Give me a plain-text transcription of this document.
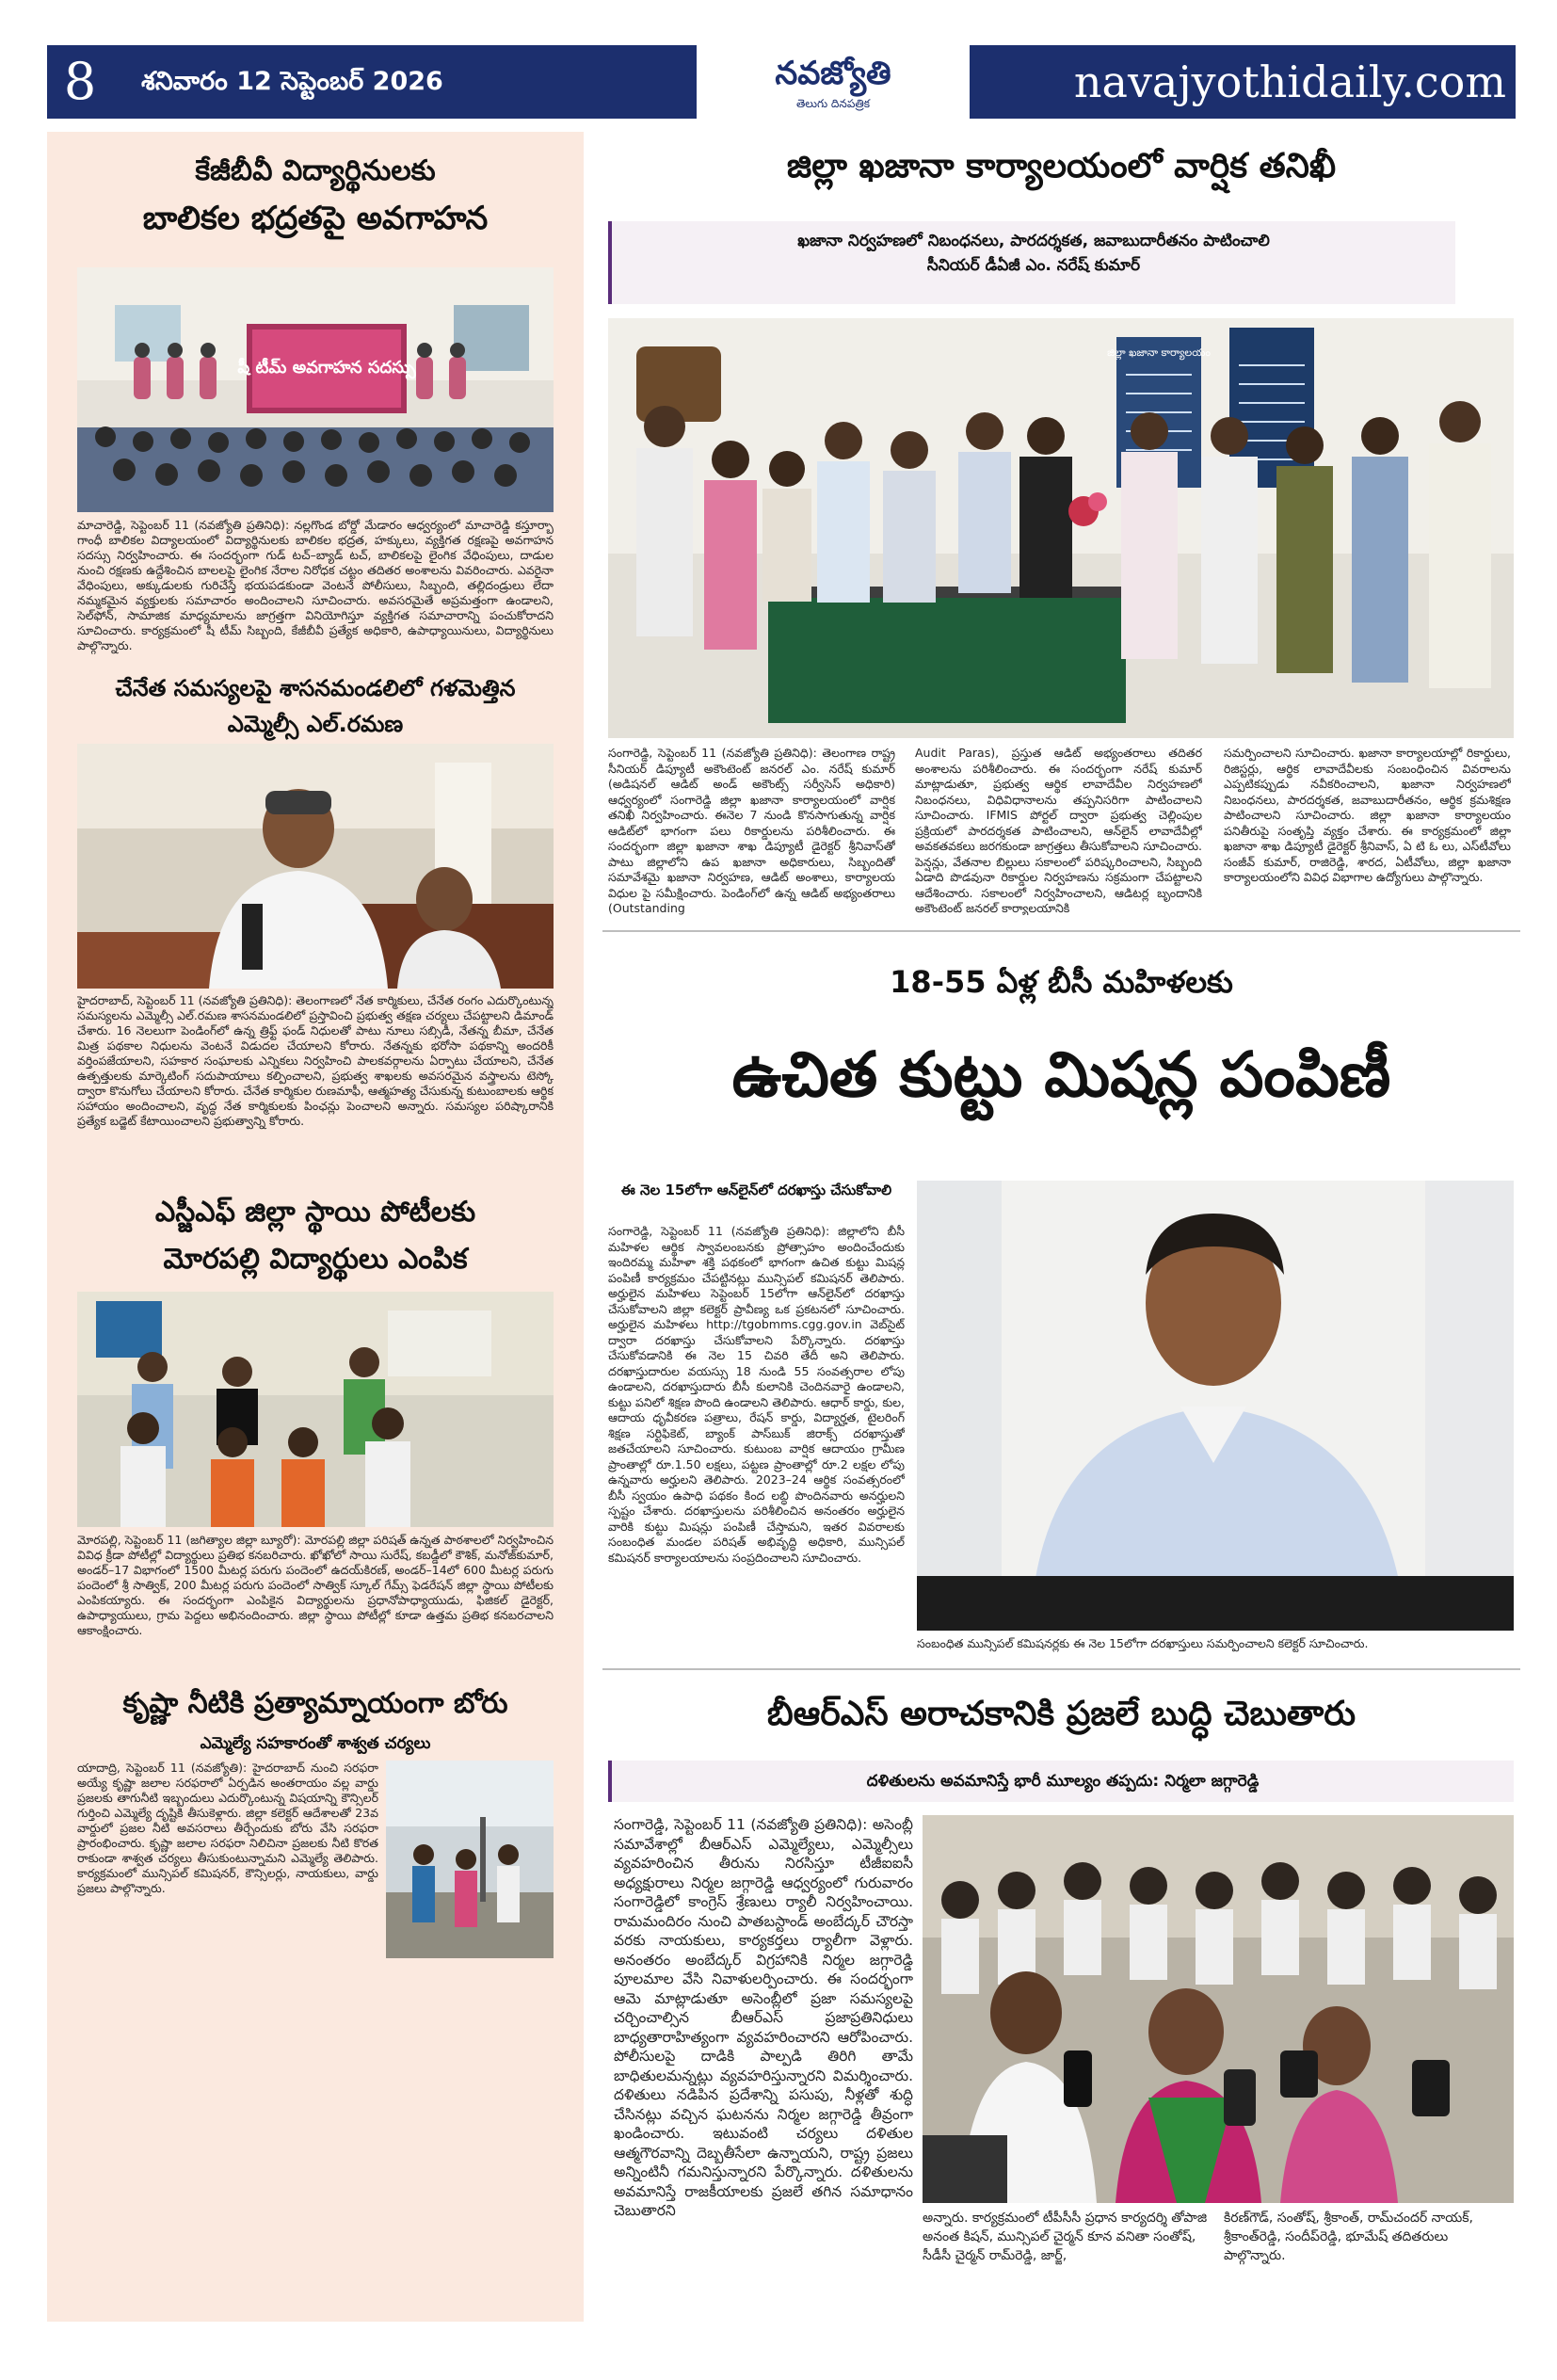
8	శనివారం 12 సెప్టెంబర్ 2026	నవజ్యోతి
తెలుగు దినపత్రిక	navajyothidaily.com
కేజీబీవీ విద్యార్థినులకు
బాలికల భద్రతపై అవగాహన
షీ టీమ్ అవగాహన సదస్సు
మాచారెడ్డి, సెప్టెంబర్ 11 (నవజ్యోతి ప్రతినిధి): నల్లగొండ బోర్డో మేడారం ఆధ్వర్యంలో మాచారెడ్డి కస్తూర్బా గాంధీ బాలికల విద్యాలయంలో విద్యార్థినులకు బాలికల భద్రత, హక్కులు, వ్యక్తిగత రక్షణపై అవగాహన సదస్సు నిర్వహించారు. ఈ సందర్భంగా గుడ్ టచ్–బ్యాడ్ టచ్, బాలికలపై లైంగిక వేధింపులు, దాడుల నుంచి రక్షణకు ఉద్దేశించిన బాలలపై లైంగిక నేరాల నిరోధక చట్టం తదితర అంశాలను వివరించారు. ఎవరైనా వేధింపులు, అక్కుడులకు గురిచేస్తే భయపడకుండా వెంటనే పోలీసులు, సిబ్బంది, తల్లిదండ్రులు లేదా నమ్మకమైన వ్యక్తులకు సమాచారం అందించాలని సూచించారు. అవసరమైతే అప్రమత్తంగా ఉండాలని, సెల్‌ఫోన్, సామాజిక మాధ్యమాలను జాగ్రత్తగా వినియోగిస్తూ వ్యక్తిగత సమాచారాన్ని పంచుకోరాదని సూచించారు. కార్యక్రమంలో షీ టీమ్ సిబ్బంది, కేజీబీవీ ప్రత్యేక అధికారి, ఉపాధ్యాయినులు, విద్యార్థినులు పాల్గొన్నారు.
చేనేత సమస్యలపై శాసనమండలిలో గళమెత్తిన
ఎమ్మెల్సీ ఎల్.రమణ
హైదరాబాద్, సెప్టెంబర్ 11 (నవజ్యోతి ప్రతినిధి): తెలంగాణలో నేత కార్మికులు, చేనేత రంగం ఎదుర్కొంటున్న సమస్యలను ఎమ్మెల్సీ ఎల్.రమణ శాసనమండలిలో ప్రస్తావించి ప్రభుత్వ తక్షణ చర్యలు చేపట్టాలని డిమాండ్ చేశారు. 16 నెలలుగా పెండింగ్‌లో ఉన్న త్రిఫ్ట్ ఫండ్ నిధులతో పాటు నూలు సబ్సిడీ, నేతన్న బీమా, చేనేత మిత్ర పథకాల నిధులను వెంటనే విడుదల చేయాలని కోరారు. నేతన్నకు భరోసా పథకాన్ని అందరికీ వర్తింపజేయాలని, సహకార సంఘాలకు ఎన్నికలు నిర్వహించి పాలకవర్గాలను ఏర్పాటు చేయాలని, చేనేత ఉత్పత్తులకు మార్కెటింగ్ సదుపాయాలు కల్పించాలని, ప్రభుత్వ శాఖలకు అవసరమైన వస్త్రాలను టెస్కో ద్వారా కొనుగోలు చేయాలని కోరారు. చేనేత కార్మికుల రుణమాఫీ, ఆత్మహత్య చేసుకున్న కుటుంబాలకు ఆర్థిక సహాయం అందించాలని, వృద్ధ నేత కార్మికులకు పింఛన్లు పెంచాలని అన్నారు. సమస్యల పరిష్కారానికి ప్రత్యేక బడ్జెట్ కేటాయించాలని ప్రభుత్వాన్ని కోరారు.
ఎస్జీఎఫ్ జిల్లా స్థాయి పోటీలకు
మోరపల్లి విద్యార్థులు ఎంపిక
మోరపల్లి, సెప్టెంబర్ 11 (జగిత్యాల జిల్లా బ్యూరో): మోరపల్లి జిల్లా పరిషత్ ఉన్నత పాఠశాలలో నిర్వహించిన వివిధ క్రీడా పోటీల్లో విద్యార్థులు ప్రతిభ కనబరిచారు. ఖోఖోలో సాయి సురేష్, కబడ్డీలో కౌశిక్, మనోజ్‌కుమార్, అండర్–17 విభాగంలో 1500 మీటర్ల పరుగు పందెంలో ఉదయ్‌కిరణ్, అండర్–14లో 600 మీటర్ల పరుగు పందెంలో శ్రీ సాత్విక్, 200 మీటర్ల పరుగు పందెంలో సాత్విక్ స్కూల్ గేమ్స్ ఫెడరేషన్ జిల్లా స్థాయి పోటీలకు ఎంపికయ్యారు. ఈ సందర్భంగా ఎంపికైన విద్యార్థులను ప్రధానోపాధ్యాయుడు, ఫిజికల్ డైరెక్టర్, ఉపాధ్యాయులు, గ్రామ పెద్దలు అభినందించారు. జిల్లా స్థాయి పోటీల్లో కూడా ఉత్తమ ప్రతిభ కనబరచాలని ఆకాంక్షించారు.
కృష్ణా నీటికి ప్రత్యామ్నాయంగా బోరు
ఎమ్మెల్యే సహకారంతో శాశ్వత చర్యలు
యాదాద్రి, సెప్టెంబర్ 11 (నవజ్యోతి): హైదరాబాద్ నుంచి సరఫరా అయ్యే కృష్ణా జలాల సరఫరాలో ఏర్పడిన అంతరాయం వల్ల వార్డు ప్రజలకు తాగునీటి ఇబ్బందులు ఎదుర్కొంటున్న విషయాన్ని కౌన్సిలర్ గుర్తించి ఎమ్మెల్యే దృష్టికి తీసుకెళ్లారు. జిల్లా కలెక్టర్ ఆదేశాలతో 23వ వార్డులో ప్రజల నీటి అవసరాలు తీర్చేందుకు బోరు వేసి సరఫరా ప్రారంభించారు. కృష్ణా జలాల సరఫరా నిలిచినా ప్రజలకు నీటి కొరత రాకుండా శాశ్వత చర్యలు తీసుకుంటున్నామని ఎమ్మెల్యే తెలిపారు. కార్యక్రమంలో మున్సిపల్ కమిషనర్, కౌన్సిలర్లు, నాయకులు, వార్డు ప్రజలు పాల్గొన్నారు.
జిల్లా ఖజానా కార్యాలయంలో వార్షిక తనిఖీ
ఖజానా నిర్వహణలో నిబంధనలు, పారదర్శకత, జవాబుదారీతనం పాటించాలి
సీనియర్ డీఏజీ ఎం. నరేష్ కుమార్
జిల్లా ఖజానా కార్యాలయం
సంగారెడ్డి, సెప్టెంబర్ 11 (నవజ్యోతి ప్రతినిధి): తెలంగాణ రాష్ట్ర సీనియర్ డిప్యూటీ అకౌంటెంట్ జనరల్ ఎం. నరేష్ కుమార్ (అడిషనల్ ఆడిట్ అండ్ అకౌంట్స్ సర్వీసెస్ అధికారి) ఆధ్వర్యంలో సంగారెడ్డి జిల్లా ఖజానా కార్యాలయంలో వార్షిక తనిఖీ నిర్వహించారు. ఈనెల 7 నుండి కొనసాగుతున్న వార్షిక ఆడిట్‌లో భాగంగా పలు రికార్డులను పరిశీలించారు. ఈ సందర్భంగా జిల్లా ఖజానా శాఖ డిప్యూటీ డైరెక్టర్ శ్రీనివాస్‌తో పాటు జిల్లాలోని ఉప ఖజానా అధికారులు, సిబ్బందితో సమావేశమై ఖజానా నిర్వహణ, ఆడిట్ అంశాలు, కార్యాలయ విధుల పై సమీక్షించారు. పెండింగ్‌లో ఉన్న ఆడిట్ అభ్యంతరాలు (Outstanding
Audit Paras), ప్రస్తుత ఆడిట్ అభ్యంతరాలు తదితర అంశాలను పరిశీలించారు. ఈ సందర్భంగా నరేష్ కుమార్ మాట్లాడుతూ, ప్రభుత్వ ఆర్థిక లావాదేవీల నిర్వహణలో నిబంధనలు, విధివిధానాలను తప్పనిసరిగా పాటించాలని సూచించారు. IFMIS పోర్టల్ ద్వారా ప్రభుత్వ చెల్లింపుల ప్రక్రియలో పారదర్శకత పాటించాలని, ఆన్‌లైన్ లావాదేవీల్లో అవకతవకలు జరగకుండా జాగ్రత్తలు తీసుకోవాలని సూచించారు. పెన్షన్లు, వేతనాల బిల్లులు సకాలంలో పరిష్కరించాలని, సిబ్బంది ఏడాది పొడవునా రికార్డుల నిర్వహణను సక్రమంగా చేపట్టాలని ఆదేశించారు. సకాలంలో నిర్వహించాలని, ఆడిటర్ల బృందానికి అకౌంటెంట్ జనరల్ కార్యాలయానికి
సమర్పించాలని సూచించారు. ఖజానా కార్యాలయాల్లో రికార్డులు, రిజిస్టర్లు, ఆర్థిక లావాదేవీలకు సంబంధించిన వివరాలను ఎప్పటికప్పుడు నవీకరించాలని, ఖజానా నిర్వహణలో నిబంధనలు, పారదర్శకత, జవాబుదారీతనం, ఆర్థిక క్రమశిక్షణ పాటించాలని సూచించారు. జిల్లా ఖజానా కార్యాలయం పనితీరుపై సంతృప్తి వ్యక్తం చేశారు. ఈ కార్యక్రమంలో జిల్లా ఖజానా శాఖ డిప్యూటీ డైరెక్టర్ శ్రీనివాస్, ఏ టి ఓ లు, ఎస్‌టీవోలు సంజీవ్ కుమార్, రాజిరెడ్డి, శారద, ఏటీవోలు, జిల్లా ఖజానా కార్యాలయంలోని వివిధ విభాగాల ఉద్యోగులు పాల్గొన్నారు.
18-55 ఏళ్ల బీసీ మహిళలకు
ఉచిత కుట్టు మిషన్ల పంపిణీ
ఈ నెల 15లోగా ఆన్‌లైన్‌లో దరఖాస్తు చేసుకోవాలి
సంగారెడ్డి, సెప్టెంబర్ 11 (నవజ్యోతి ప్రతినిధి): జిల్లాలోని బీసీ మహిళల ఆర్థిక స్వావలంబనకు ప్రోత్సాహం అందించేందుకు ఇందిరమ్మ మహిళా శక్తి పథకంలో భాగంగా ఉచిత కుట్టు మిషన్ల పంపిణీ కార్యక్రమం చేపట్టినట్లు మున్సిపల్ కమిషనర్ తెలిపారు. అర్హులైన మహిళలు సెప్టెంబర్ 15లోగా ఆన్‌లైన్‌లో దరఖాస్తు చేసుకోవాలని జిల్లా కలెక్టర్ ప్రావీణ్య ఒక ప్రకటనలో సూచించారు. అర్హులైన మహిళలు http://tgobmms.cgg.gov.in వెబ్‌సైట్ ద్వారా దరఖాస్తు చేసుకోవాలని పేర్కొన్నారు. దరఖాస్తు చేసుకోవడానికి ఈ నెల 15 చివరి తేదీ అని తెలిపారు. దరఖాస్తుదారుల వయస్సు 18 నుండి 55 సంవత్సరాల లోపు ఉండాలని, దరఖాస్తుదారు బీసీ కులానికి చెందినవారై ఉండాలని, కుట్టు పనిలో శిక్షణ పొంది ఉండాలని తెలిపారు. ఆధార్ కార్డు, కుల, ఆదాయ ధృవీకరణ పత్రాలు, రేషన్ కార్డు, విద్యార్హత, టైలరింగ్ శిక్షణ సర్టిఫికెట్, బ్యాంక్ పాస్‌బుక్ జిరాక్స్ దరఖాస్తుతో జతచేయాలని సూచించారు. కుటుంబ వార్షిక ఆదాయం గ్రామీణ ప్రాంతాల్లో రూ.1.50 లక్షలు, పట్టణ ప్రాంతాల్లో రూ.2 లక్షల లోపు ఉన్నవారు అర్హులని తెలిపారు. 2023–24 ఆర్థిక సంవత్సరంలో బీసీ స్వయం ఉపాధి పథకం కింద లబ్ధి పొందినవారు అనర్హులని స్పష్టం చేశారు. దరఖాస్తులను పరిశీలించిన అనంతరం అర్హులైన వారికి కుట్టు మిషన్లు పంపిణీ చేస్తామని, ఇతర వివరాలకు సంబంధిత మండల పరిషత్ అభివృద్ధి అధికారి, మున్సిపల్ కమిషనర్ కార్యాలయాలను సంప్రదించాలని సూచించారు.
సంబంధిత మున్సిపల్ కమిషనర్లకు ఈ నెల 15లోగా దరఖాస్తులు సమర్పించాలని కలెక్టర్ సూచించారు.
బీఆర్ఎస్ అరాచకానికి ప్రజలే బుద్ధి చెబుతారు
దళితులను అవమానిస్తే భారీ మూల్యం తప్పదు: నిర్మలా జగ్గారెడ్డి
సంగారెడ్డి, సెప్టెంబర్ 11 (నవజ్యోతి ప్రతినిధి): అసెంబ్లీ సమావేశాల్లో బీఆర్ఎస్ ఎమ్మెల్యేలు, ఎమ్మెల్సీలు వ్యవహరించిన తీరును నిరసిస్తూ టీజీఐఐసీ అధ్యక్షురాలు నిర్మల జగ్గారెడ్డి ఆధ్వర్యంలో గురువారం సంగారెడ్డిలో కాంగ్రెస్ శ్రేణులు ర్యాలీ నిర్వహించాయి. రామమందిరం నుంచి పాతబస్టాండ్ అంబేద్కర్ చౌరస్తా వరకు నాయకులు, కార్యకర్తలు ర్యాలీగా వెళ్లారు. అనంతరం అంబేద్కర్ విగ్రహానికి నిర్మల జగ్గారెడ్డి పూలమాల వేసి నివాళులర్పించారు. ఈ సందర్భంగా ఆమె మాట్లాడుతూ అసెంబ్లీలో ప్రజా సమస్యలపై చర్చించాల్సిన బీఆర్ఎస్ ప్రజాప్రతినిధులు బాధ్యతారాహిత్యంగా వ్యవహరించారని ఆరోపించారు. పోలీసులపై దాడికి పాల్పడి తిరిగి తామే బాధితులమన్నట్లు వ్యవహరిస్తున్నారని విమర్శించారు. దళితులు నడిపిన ప్రదేశాన్ని పసుపు, నీళ్లతో శుద్ధి చేసినట్లు వచ్చిన ఘటనను నిర్మల జగ్గారెడ్డి తీవ్రంగా ఖండించారు. ఇటువంటి చర్యలు దళితుల ఆత్మగౌరవాన్ని దెబ్బతీసేలా ఉన్నాయని, రాష్ట్ర ప్రజలు అన్నింటినీ గమనిస్తున్నారని పేర్కొన్నారు. దళితులను అవమానిస్తే రాజకీయాలకు ప్రజలే తగిన సమాధానం చెబుతారని	అన్నారు. కార్యక్రమంలో టీపీసీసీ ప్రధాన కార్యదర్శి తోపాజి అనంత కిషన్, మున్సిపల్ చైర్మన్ కూన వనితా సంతోష్, సీడీసీ చైర్మన్ రామ్‌రెడ్డి, జార్జ్,
కిరణ్‌గౌడ్, సంతోష్, శ్రీకాంత్, రామ్‌చందర్ నాయక్, శ్రీకాంత్‌రెడ్డి, సందీప్‌రెడ్డి, భూమేష్ తదితరులు పాల్గొన్నారు.
